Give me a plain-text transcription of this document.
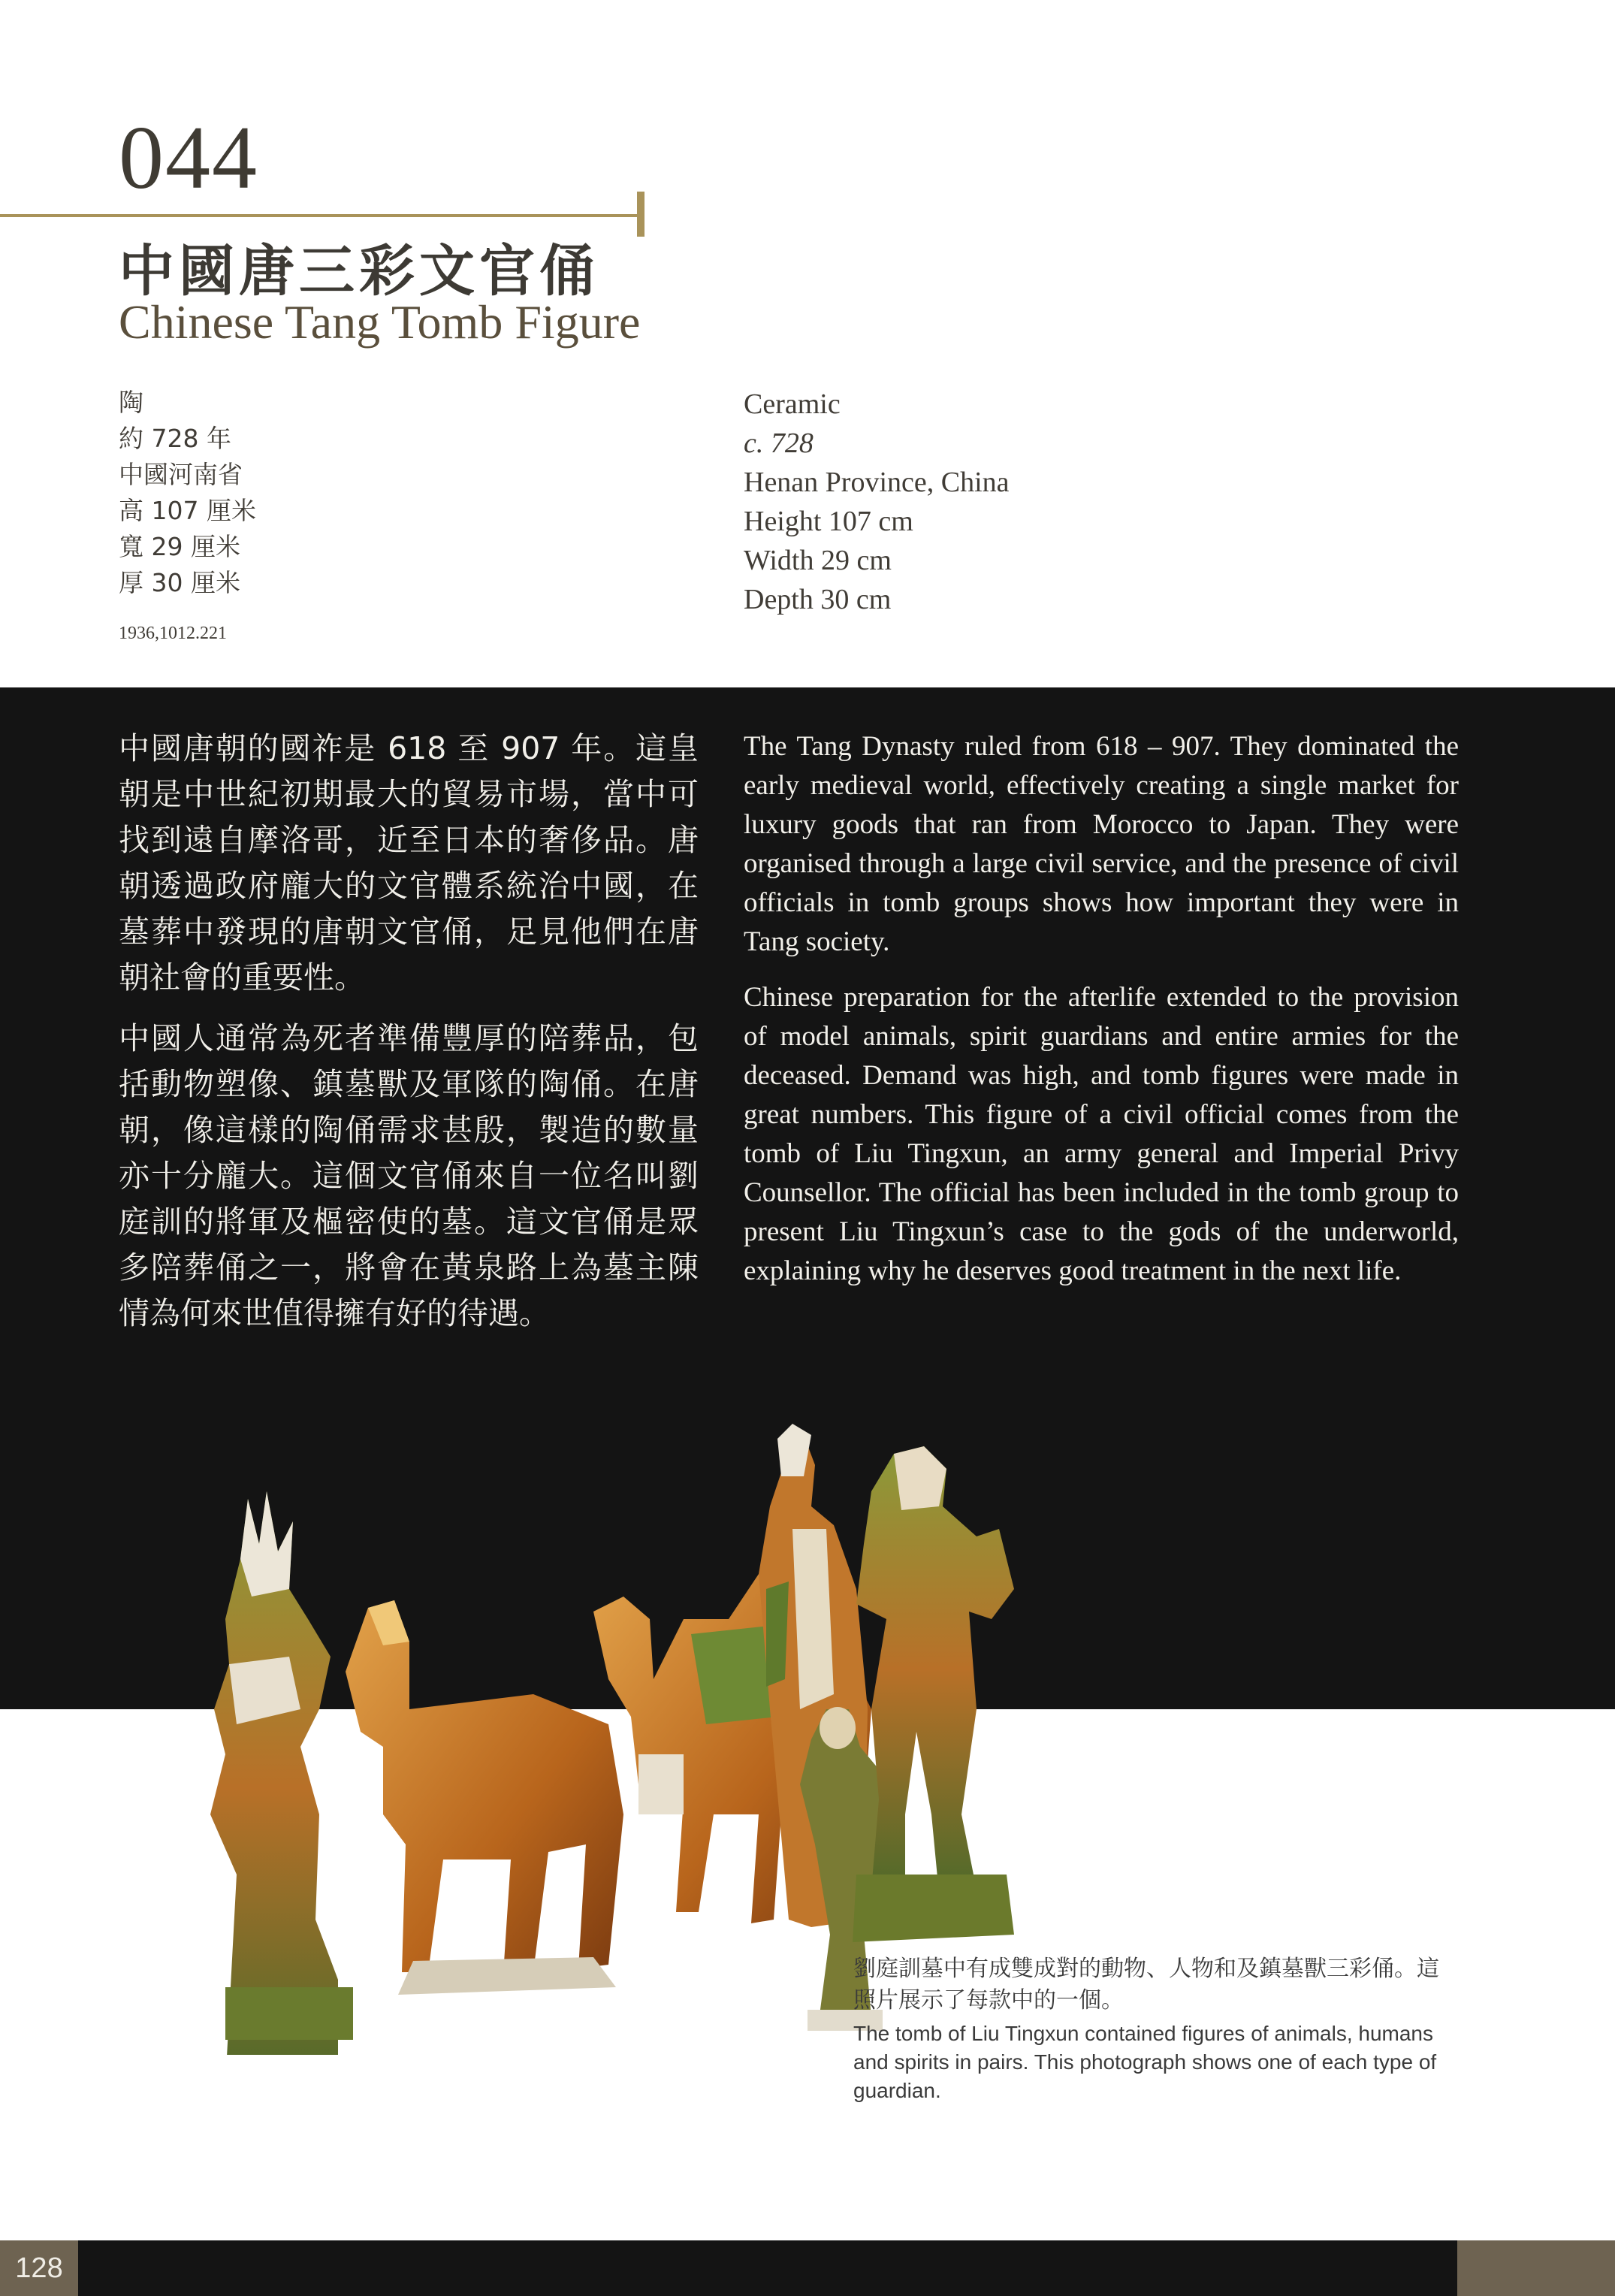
044
中國唐三彩文官俑
Chinese Tang Tomb Figure
陶
約 728 年
中國河南省
高 107 厘米
寬 29 厘米
厚 30 厘米
Ceramic
c. 728
Henan Province, China
Height 107 cm
Width 29 cm
Depth 30 cm
1936,1012.221

中國唐朝的國祚是 618 至 907 年。這皇朝是中世紀初期最大的貿易市場，當中可找到遠自摩洛哥，近至日本的奢侈品。唐朝透過政府龐大的文官體系統治中國，在墓葬中發現的唐朝文官俑，足見他們在唐朝社會的重要性。

中國人通常為死者準備豐厚的陪葬品，包括動物塑像、鎮墓獸及軍隊的陶俑。在唐朝，像這樣的陶俑需求甚殷，製造的數量亦十分龐大。這個文官俑來自一位名叫劉庭訓的將軍及樞密使的墓。這文官俑是眾多陪葬俑之一，將會在黃泉路上為墓主陳情為何來世值得擁有好的待遇。

The Tang Dynasty ruled from 618 – 907. They dominated the early medieval world, effectively creating a single market for luxury goods that ran from Morocco to Japan. They were organised through a large civil service, and the presence of civil officials in tomb groups shows how important they were in Tang society.

Chinese preparation for the afterlife extended to the provision of model animals, spirit guardians and entire armies for the deceased. Demand was high, and tomb figures were made in great numbers. This figure of a civil official comes from the tomb of Liu Tingxun, an army general and Imperial Privy Counsellor. The official has been included in the tomb group to present Liu Tingxun’s case to the gods of the underworld, explaining why he deserves good treatment in the next life.

劉庭訓墓中有成雙成對的動物、人物和及鎮墓獸三彩俑。這照片展示了每款中的一個。
The tomb of Liu Tingxun contained figures of animals, humans and spirits in pairs. This photograph shows one of each type of guardian.
128
